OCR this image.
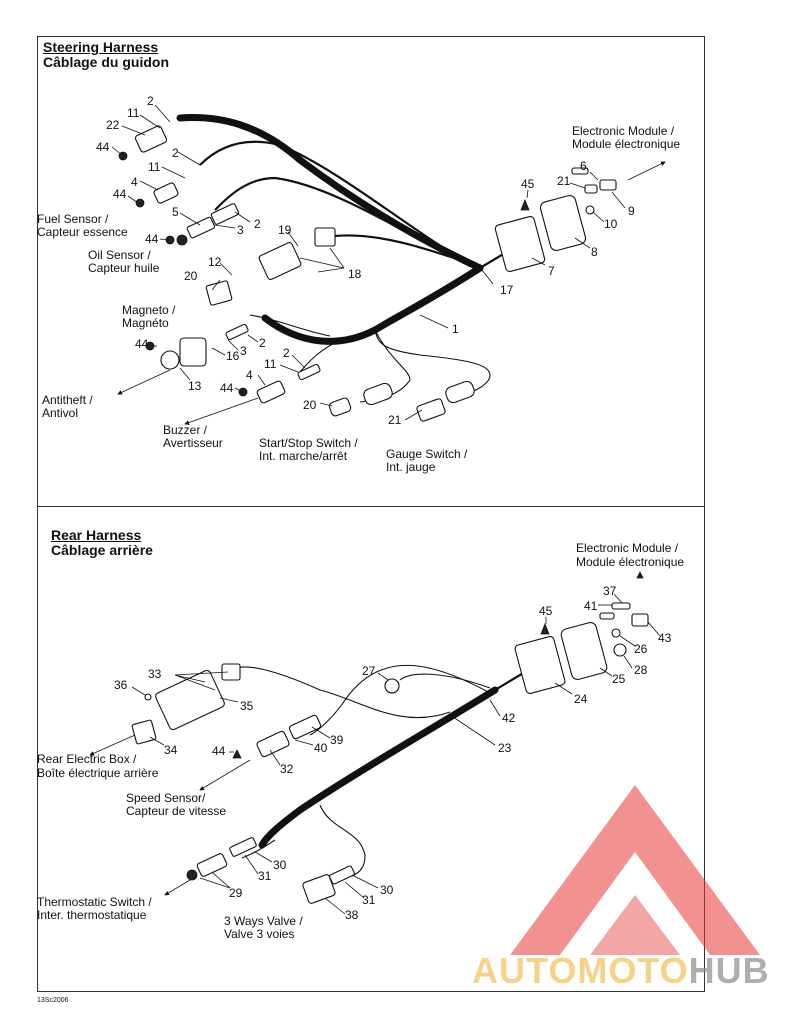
Steering Harness
Câblage du guidon
Rear Harness
Câblage arrière
2
11
22
44	2
11
4
44
5
2
3
44
19
12
20	18
1
17
7
8
45 21
6
10
9
2
3
16
13
44
2
11
4
44
20
21
Electronic Module /
Module électronique
Fuel Sensor /
Capteur essence
Oil Sensor /
Capteur huile
Magneto /
Magnéto
Antitheft /
Antivol
Buzzer /
Avertisseur	Start/Stop Switch /
Int. marche/arrêt	Gauge Switch /
Int. jauge
42
23
24
25
45	41
37
43
26
28
27
33
35
36
34
39
40
32
44
30
31
29	30
31
38
Electronic Module /
Module électronique
Rear Electric Box /
Boîte électrique arrière
Speed Sensor/
Capteur de vitesse
Thermostatic Switch /
Inter. thermostatique	3 Ways Valve /
Valve 3 voies
AUTOMOTOHUB
13Sc2006
